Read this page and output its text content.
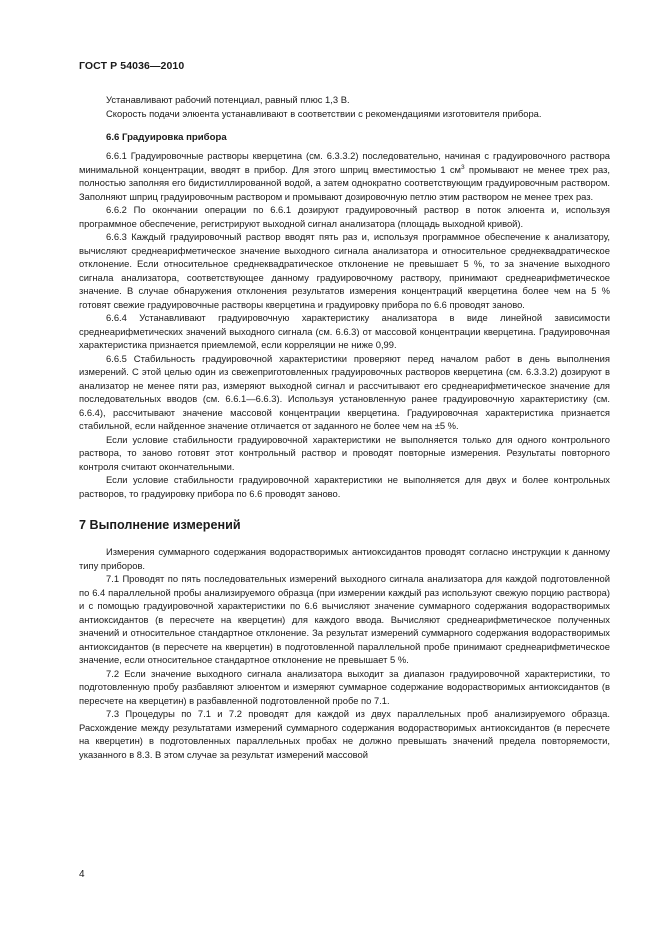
ГОСТ Р 54036—2010

Устанавливают рабочий потенциал, равный плюс 1,3 В.

Скорость подачи элюента устанавливают в соответствии с рекомендациями изготовителя прибора.

6.6 Градуировка прибора

6.6.1 Градуировочные растворы кверцетина (см. 6.3.3.2) последовательно, начиная с градуировочного раствора минимальной концентрации, вводят в прибор. Для этого шприц вместимостью 1 $см^3$ промывают не менее трех раз, полностью заполняя его бидистиллированной водой, а затем однократно соответствующим градуировочным раствором. Заполняют шприц градуировочным раствором и промывают дозировочную петлю этим раствором не менее трех раз.

6.6.2 По окончании операции по 6.6.1 дозируют градуировочный раствор в поток элюента и, используя программное обеспечение, регистрируют выходной сигнал анализатора (площадь выходной кривой).

6.6.3 Каждый градуировочный раствор вводят пять раз и, используя программное обеспечение к анализатору, вычисляют среднеарифметическое значение выходного сигнала анализатора и относительное среднеквадратическое отклонение. Если относительное среднеквадратическое отклонение не превышает 5 %, то за значение выходного сигнала анализатора, соответствующее данному градуировочному раствору, принимают среднеарифметическое значение. В случае обнаружения отклонения результатов измерения концентраций кверцетина более чем на 5 % готовят свежие градуировочные растворы кверцетина и градуировку прибора по 6.6 проводят заново.

6.6.4 Устанавливают градуировочную характеристику анализатора в виде линейной зависимости среднеарифметических значений выходного сигнала (см. 6.6.3) от массовой концентрации кверцетина. Градуировочная характеристика признается приемлемой, если корреляции не ниже 0,99.

6.6.5 Стабильность градуировочной характеристики проверяют перед началом работ в день выполнения измерений. С этой целью один из свежеприготовленных градуировочных растворов кверцетина (см. 6.3.3.2) дозируют в анализатор не менее пяти раз, измеряют выходной сигнал и рассчитывают его среднеарифметическое значение для последовательных вводов (см. 6.6.1—6.6.3). Используя установленную ранее градуировочную характеристику (см. 6.6.4), рассчитывают значение массовой концентрации кверцетина. Градуировочная характеристика признается стабильной, если найденное значение отличается от заданного не более чем на ±5 %.

Если условие стабильности градуировочной характеристики не выполняется только для одного контрольного раствора, то заново готовят этот контрольный раствор и проводят повторные измерения. Результаты повторного контроля считают окончательными.

Если условие стабильности градуировочной характеристики не выполняется для двух и более контрольных растворов, то градуировку прибора по 6.6 проводят заново.

7 Выполнение измерений

Измерения суммарного содержания водорастворимых антиоксидантов проводят согласно инструкции к данному типу приборов.

7.1 Проводят по пять последовательных измерений выходного сигнала анализатора для каждой подготовленной по 6.4 параллельной пробы анализируемого образца (при измерении каждый раз используют свежую порцию раствора) и с помощью градуировочной характеристики по 6.6 вычисляют значение суммарного содержания водорастворимых антиоксидантов (в пересчете на кверцетин) для каждого ввода. Вычисляют среднеарифметическое полученных значений и относительное стандартное отклонение. За результат измерений суммарного содержания водорастворимых антиоксидантов (в пересчете на кверцетин) в подготовленной параллельной пробе принимают среднеарифметическое значение, если относительное стандартное отклонение не превышает 5 %.

7.2 Если значение выходного сигнала анализатора выходит за диапазон градуировочной характеристики, то подготовленную пробу разбавляют элюентом и измеряют суммарное содержание водорастворимых антиоксидантов (в пересчете на кверцетин) в разбавленной подготовленной пробе по 7.1.

7.3 Процедуры по 7.1 и 7.2 проводят для каждой из двух параллельных проб анализируемого образца. Расхождение между результатами измерений суммарного содержания водорастворимых антиоксидантов (в пересчете на кверцетин) в подготовленных параллельных пробах не должно превышать значений предела повторяемости, указанного в 8.3. В этом случае за результат измерений массовой

4
